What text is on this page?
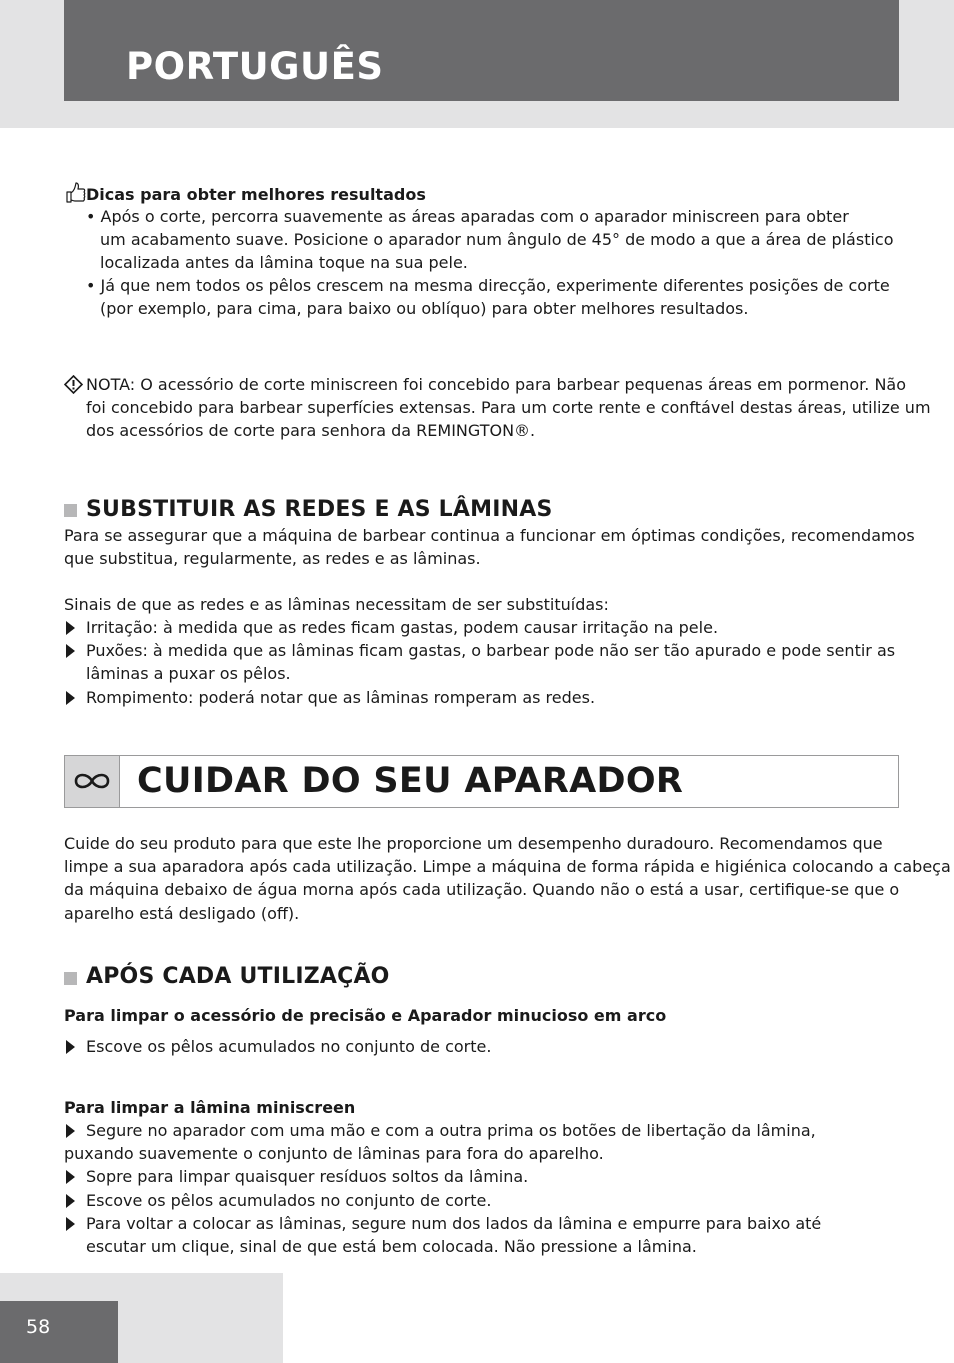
PORTUGUÊS
Dicas para obter melhores resultados
• Após o corte, percorra suavemente as áreas aparadas com o aparador miniscreen para obter
um acabamento suave. Posicione o aparador num ângulo de 45° de modo a que a área de plástico
localizada antes da lâmina toque na sua pele.
• Já que nem todos os pêlos crescem na mesma direcção, experimente diferentes posições de corte
(por exemplo, para cima, para baixo ou oblíquo) para obter melhores resultados.
NOTA: O acessório de corte miniscreen foi concebido para barbear pequenas áreas em pormenor. Não
foi concebido para barbear superfícies extensas. Para um corte rente e conftável destas áreas, utilize um
dos acessórios de corte para senhora da REMINGTON®.
SUBSTITUIR AS REDES E AS LÂMINAS
Para se assegurar que a máquina de barbear continua a funcionar em óptimas condições, recomendamos
que substitua, regularmente, as redes e as lâminas.
Sinais de que as redes e as lâminas necessitam de ser substituídas:
Irritação: à medida que as redes ficam gastas, podem causar irritação na pele.
Puxões: à medida que as lâminas ficam gastas, o barbear pode não ser tão apurado e pode sentir as
lâminas a puxar os pêlos.
Rompimento: poderá notar que as lâminas romperam as redes.
CUIDAR DO SEU APARADOR
Cuide do seu produto para que este lhe proporcione um desempenho duradouro. Recomendamos que
limpe a sua aparadora após cada utilização. Limpe a máquina de forma rápida e higiénica colocando a cabeça
da máquina debaixo de água morna após cada utilização. Quando não o está a usar, certifique-se que o
aparelho está desligado (off).
APÓS CADA UTILIZAÇÃO
Para limpar o acessório de precisão e Aparador minucioso em arco
Escove os pêlos acumulados no conjunto de corte.
Para limpar a lâmina miniscreen
Segure no aparador com uma mão e com a outra prima os botões de libertação da lâmina,
puxando suavemente o conjunto de lâminas para fora do aparelho.
Sopre para limpar quaisquer resíduos soltos da lâmina.
Escove os pêlos acumulados no conjunto de corte.
Para voltar a colocar as lâminas, segure num dos lados da lâmina e empurre para baixo até
escutar um clique, sinal de que está bem colocada. Não pressione a lâmina.
58
